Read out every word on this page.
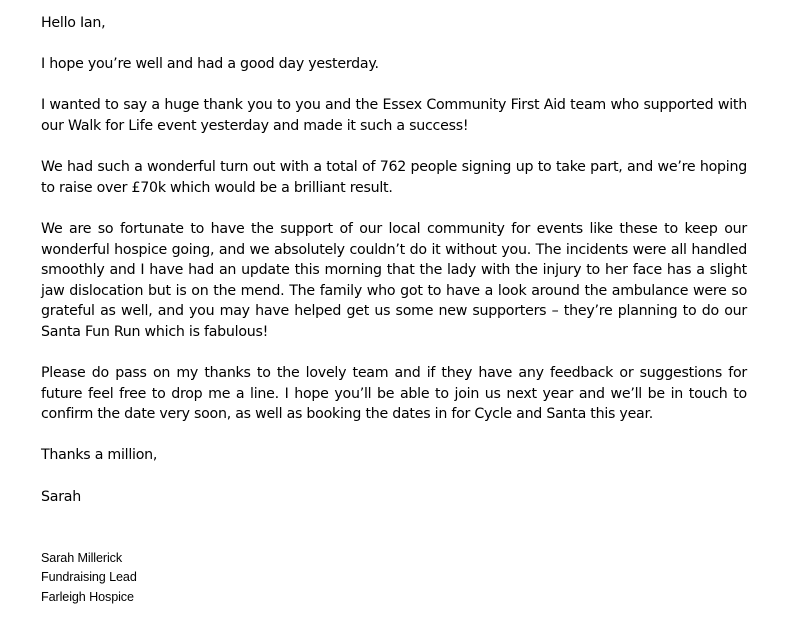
Hello Ian,

I hope you’re well and had a good day yesterday.

I wanted to say a huge thank you to you and the Essex Community First Aid team who supported with our Walk for Life event yesterday and made it such a success!

We had such a wonderful turn out with a total of 762 people signing up to take part, and we’re hoping to raise over £70k which would be a brilliant result.

We are so fortunate to have the support of our local community for events like these to keep our wonderful hospice going, and we absolutely couldn’t do it without you. The incidents were all handled smoothly and I have had an update this morning that the lady with the injury to her face has a slight jaw dislocation but is on the mend. The family who got to have a look around the ambulance were so grateful as well, and you may have helped get us some new supporters – they’re planning to do our Santa Fun Run which is fabulous!

Please do pass on my thanks to the lovely team and if they have any feedback or suggestions for future feel free to drop me a line. I hope you’ll be able to join us next year and we’ll be in touch to confirm the date very soon, as well as booking the dates in for Cycle and Santa this year.

Thanks a million,

Sarah

Sarah Millerick
Fundraising Lead
Farleigh Hospice
